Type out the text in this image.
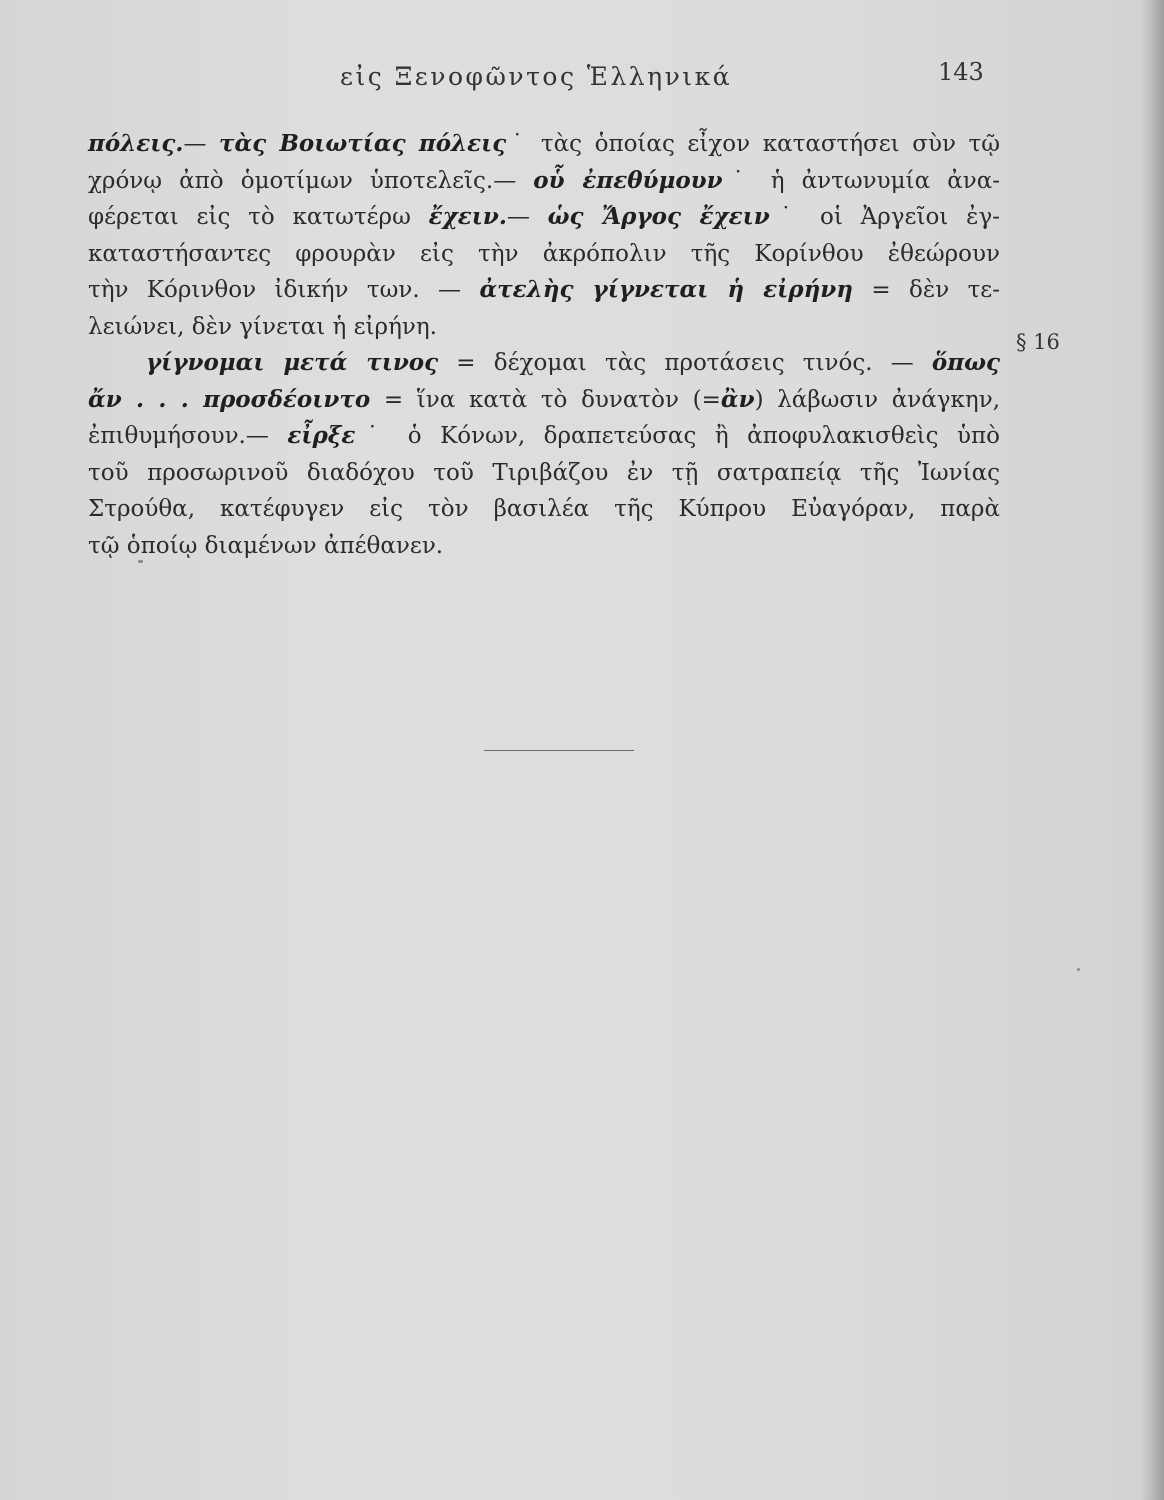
εἰς Ξενοφῶντος Ἑλληνικά	143
πόλεις.— τὰς Βοιωτίας πόλεις˙ τὰς ὁποίας εἶχον καταστήσει σὺν τῷ
χρόνῳ ἀπὸ ὁμοτίμων ὑποτελεῖς.— οὗ ἐπεθύμουν˙ ἡ ἀντωνυμία ἀνα-
φέρεται εἰς τὸ κατωτέρω ἔχειν.— ὡς Ἄργος ἔχειν˙ οἱ Ἀργεῖοι ἐγ-
καταστήσαντες φρουρὰν εἰς τὴν ἀκρόπολιν τῆς Κορίνθου ἐθεώρουν
τὴν Κόρινθον ἰδικήν των. — ἀτελὴς γίγνεται ἡ εἰρήνη = δὲν τε-
λειώνει, δὲν γίνεται ἡ εἰρήνη.
γίγνομαι μετά τινος = δέχομαι τὰς προτάσεις τινός. — ὅπως
ἄν . . . προσδέοιντο = ἵνα κατὰ τὸ δυνατὸν (=ἂν) λάβωσιν ἀνάγκην,
ἐπιθυμήσουν.— εἶρξε˙ ὁ Κόνων, δραπετεύσας ἢ ἀποφυλακισθεὶς ὑπὸ
τοῦ προσωρινοῦ διαδόχου τοῦ Τιριβάζου ἐν τῇ σατραπείᾳ τῆς Ἰωνίας
Στρούθα, κατέφυγεν εἰς τὸν βασιλέα τῆς Κύπρου Εὐαγόραν, παρὰ
τῷ ὁποίῳ διαμένων ἀπέθανεν.
§ 16
